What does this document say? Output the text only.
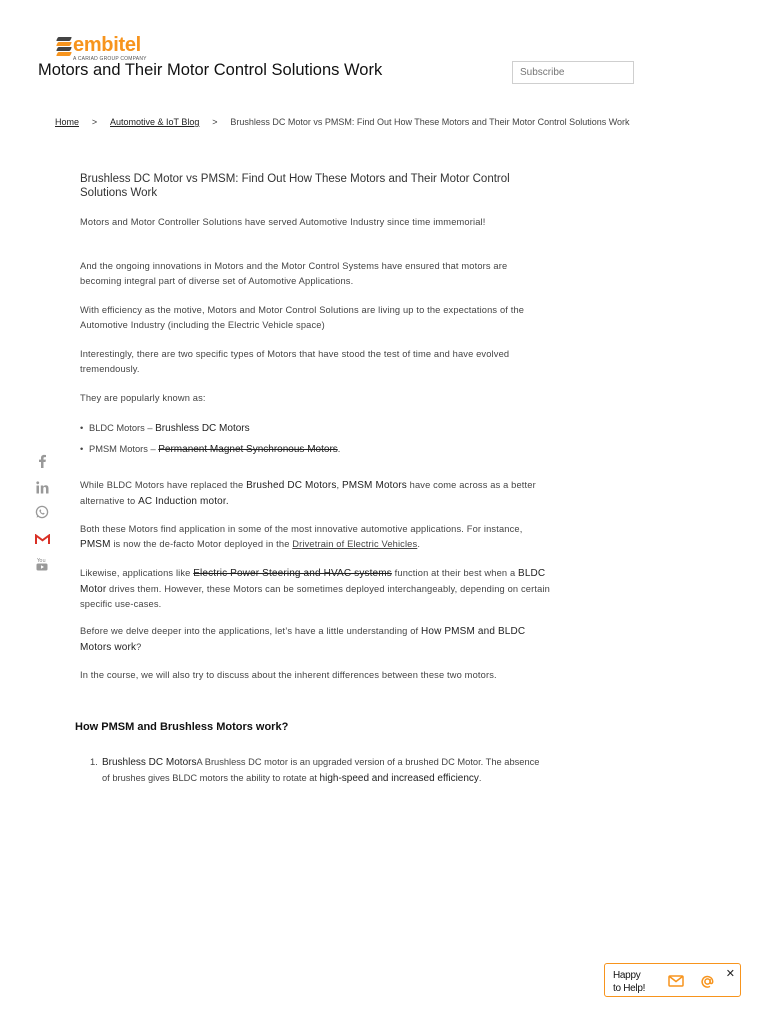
embitel
A CARIAD GROUP COMPANY
Motors and Their Motor Control Solutions Work
Subscribe
Home > Automotive & IoT Blog > Brushless DC Motor vs PMSM: Find Out How These Motors and Their Motor Control Solutions Work
Brushless DC Motor vs PMSM: Find Out How These Motors and Their Motor Control Solutions Work

Motors and Motor Controller Solutions have served Automotive Industry since time immemorial!

And the ongoing innovations in Motors and the Motor Control Systems have ensured that motors are becoming integral part of diverse set of Automotive Applications.

With efficiency as the motive, Motors and Motor Control Solutions are living up to the expectations of the Automotive Industry (including the Electric Vehicle space)

Interestingly, there are two specific types of Motors that have stood the test of time and have evolved tremendously.

They are popularly known as:

• BLDC Motors – Brushless DC Motors
• PMSM Motors – Permanent Magnet Synchronous Motors.

While BLDC Motors have replaced the Brushed DC Motors, PMSM Motors have come across as a better alternative to AC Induction motor.

Both these Motors find application in some of the most innovative automotive applications. For instance, PMSM is now the de-facto Motor deployed in the Drivetrain of Electric Vehicles.

Likewise, applications like Electric Power Steering and HVAC systems function at their best when a BLDC Motor drives them. However, these Motors can be sometimes deployed interchangeably, depending on certain specific use-cases.

Before we delve deeper into the applications, let’s have a little understanding of How PMSM and BLDC Motors work?

In the course, we will also try to discuss about the inherent differences between these two motors.

How PMSM and Brushless Motors work?
1. Brushless DC MotorsA Brushless DC motor is an upgraded version of a brushed DC Motor. The absence of brushes gives BLDC motors the ability to rotate at high-speed and increased efficiency.
You
Happy
to Help!
✕
